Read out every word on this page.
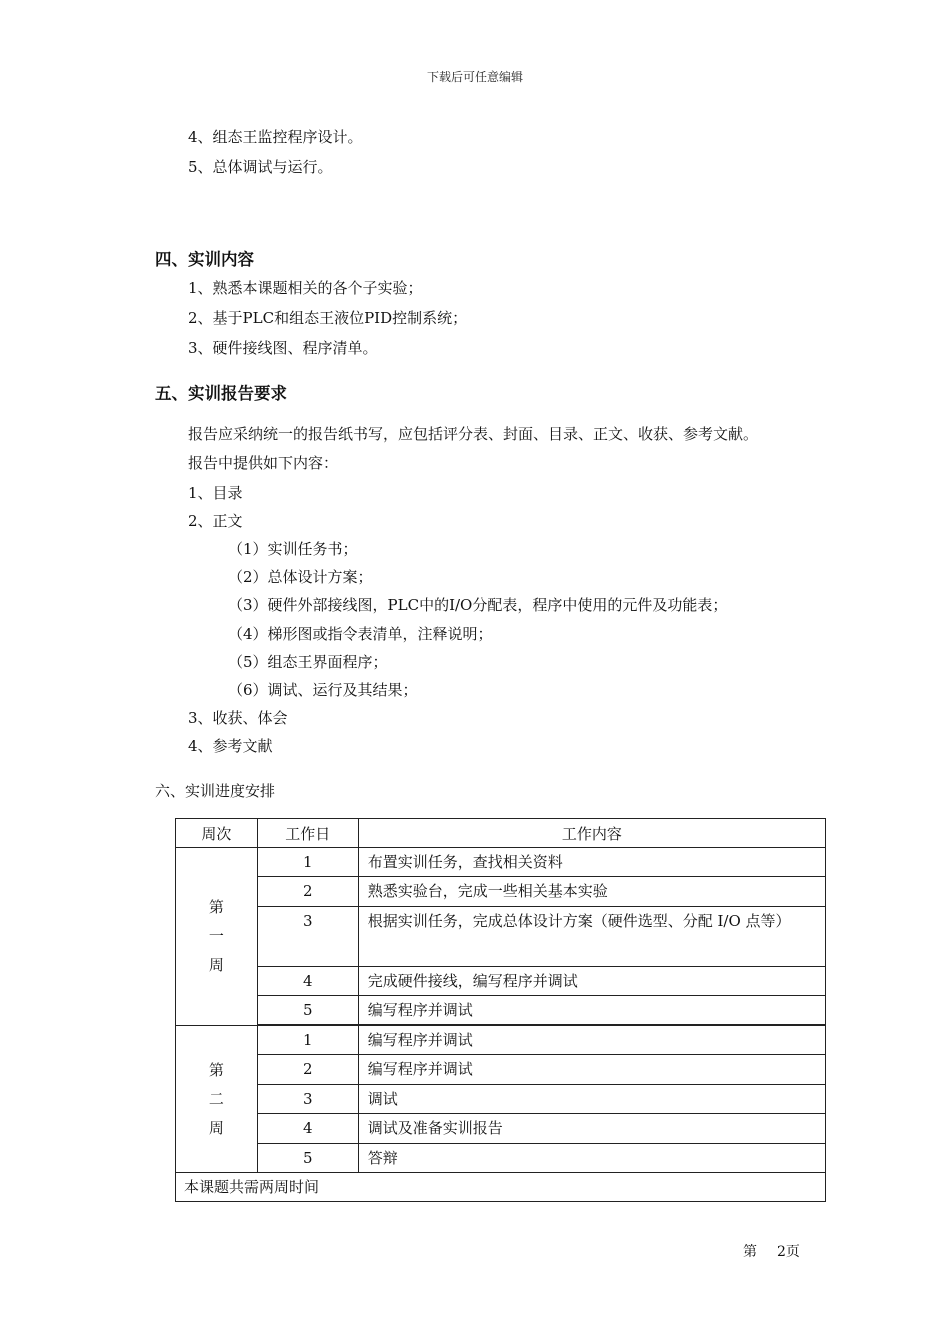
下载后可任意编辑
4、组态王监控程序设计。
5、总体调试与运行。
四、实训内容
1、熟悉本课题相关的各个子实验；
2、基于PLC和组态王液位PID控制系统；
3、硬件接线图、程序清单。
五、实训报告要求
报告应采纳统一的报告纸书写，应包括评分表、封面、目录、正文、收获、参考文献。
报告中提供如下内容：
1、目录
2、正文
（1）实训任务书；
（2）总体设计方案；
（3）硬件外部接线图，PLC中的I/O分配表，程序中使用的元件及功能表；
（4）梯形图或指令表清单，注释说明；
（5）组态王界面程序；
（6）调试、运行及其结果；
3、收获、体会
4、参考文献
六、实训进度安排
周次	工作日	工作内容

第
一
周	1	布置实训任务，查找相关资料
	2	熟悉实验台，完成一些相关基本实验
	3	根据实训任务，完成总体设计方案（硬件选型、分配 I/O 点等）
	4	完成硬件接线，编写程序并调试
	5	编写程序并调试

第
二
周	1	编写程序并调试
	2	编写程序并调试
	3	调试
	4	调试及准备实训报告
	5	答辩
本课题共需两周时间		
第 2页
